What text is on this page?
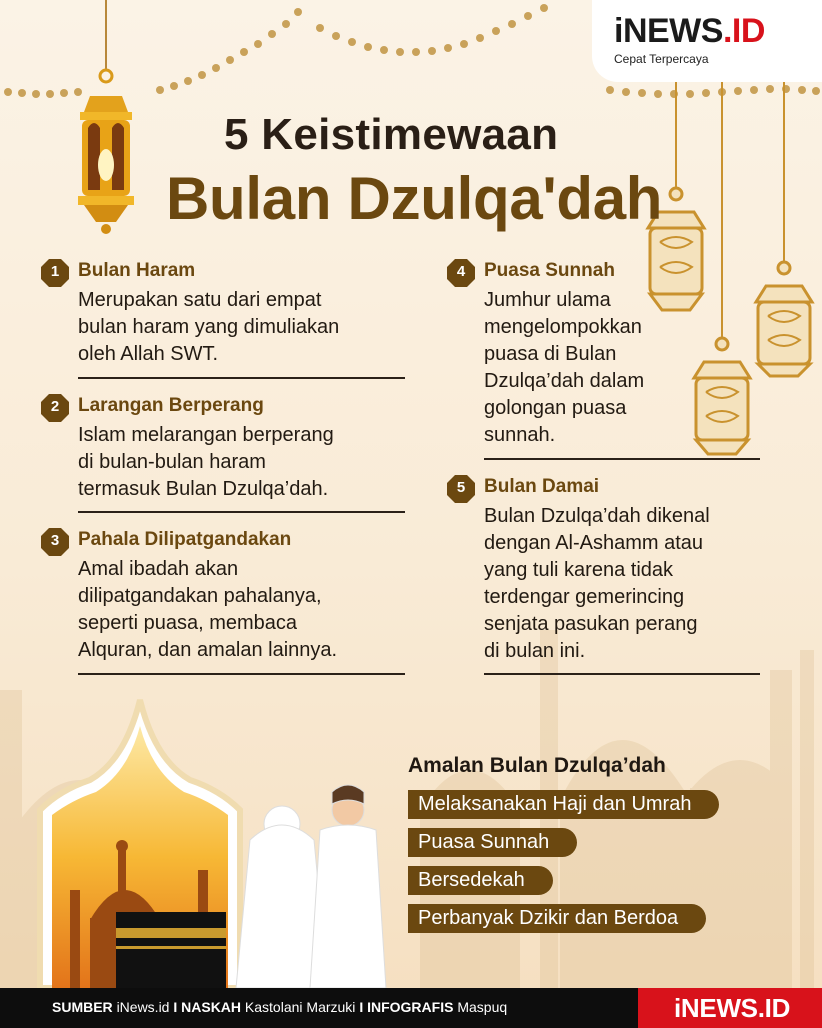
iNEWS.ID
Cepat Terpercaya
5 Keistimewaan
Bulan Dzulqa'dah
1 Bulan Haram

Merupakan satu dari empat
bulan haram yang dimuliakan
oleh Allah SWT.

2 Larangan Berperang

Islam melarangan berperang
di bulan-bulan haram
termasuk Bulan Dzulqa’dah.

3 Pahala Dilipatgandakan

Amal ibadah akan
dilipatgandakan pahalanya,
seperti puasa, membaca
Alquran, dan amalan lainnya.

4 Puasa Sunnah

Jumhur ulama
mengelompokkan
puasa di Bulan
Dzulqa’dah dalam
golongan puasa
sunnah.

5 Bulan Damai

Bulan Dzulqa’dah dikenal
dengan Al-Ashamm atau
yang tuli karena tidak
terdengar gemerincing
senjata pasukan perang
di bulan ini.

Amalan Bulan Dzulqa’dah
Melaksanakan Haji dan Umrah
Puasa Sunnah
Bersedekah
Perbanyak Dzikir dan Berdoa
SUMBER iNews.id I NASKAH Kastolani Marzuki I INFOGRAFIS Maspuq	iNEWS.ID
